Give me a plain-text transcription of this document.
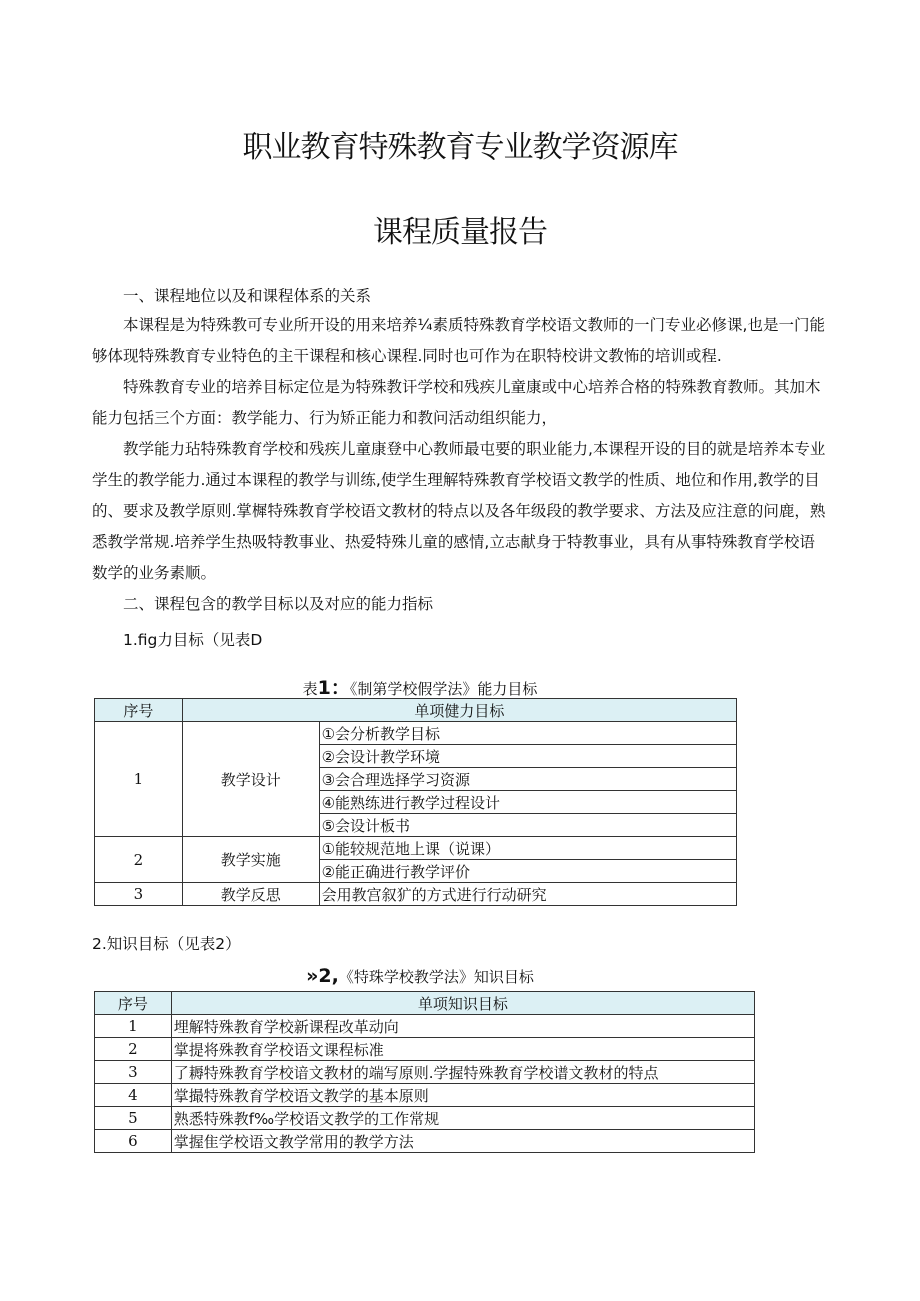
职业教育特殊教育专业教学资源库
课程质量报告

一、课程地位以及和课程体系的关系

本课程是为特殊教可专业所开设的用来培养¼素质特殊教育学校语文教师的一门专业必修课,也是一门能够体现特殊教育专业特色的主干课程和核心课程.同时也可作为在职特校讲文教怖的培训或程.

特殊教育专业的培养目标定位是为特殊教讦学校和残疾儿童康或中心培养合格的特殊教育教师。其加木能力包括三个方面：教学能力、行为矫正能力和教问活动组织能力，

教学能力玷特殊教育学校和残疾儿童康登中心教师最屯要的职业能力,本课程开设的目的就是培养本专业学生的教学能力.通过本课程的教学与训练,使学生理解特殊教育学校语文教学的性质、地位和作用,教学的目的、要求及教学原则.掌樨特殊教育学校语文教材的特点以及各年级段的教学要求、方法及应注意的问鹿，熟悉教学常规.培养学生热吸特教事业、热爱特殊儿童的感情,立志献身于特教事业，具有从事特殊教育学校语数学的业务素顺。

二、课程包含的教学目标以及对应的能力指标

1.fig力目标（见表D

表1：《制第学校假学法》能力目标
序号	单项健力目标	
1	教学设计	①会分析教学目标
		②会设计教学环境
		③会合理选择学习资源
		④能熟练进行教学过程设计
		⑤会设计板书
2	教学实施	①能较规范地上课（说课）
		②能正确进行教学评价
3	教学反思	会用教宫叙犷的方式进行行动研究

2.知识目标（见表2）

»2,《特珠学校教学法》知识目标
序号	单项知识目标
1	埋解特殊教育学校新课程改革动向
2	掌提将殊教育学校语文课程标准
3	了耨特殊教育学校谙文教材的端写原则.学握特殊教育学校谱文教材的特点
4	掌撮特殊教育学校语文教学的基本原则
5	熟悉特殊教f‰学校语文教学的工作常规
6	掌握隹学校语文教学常用的教学方法
